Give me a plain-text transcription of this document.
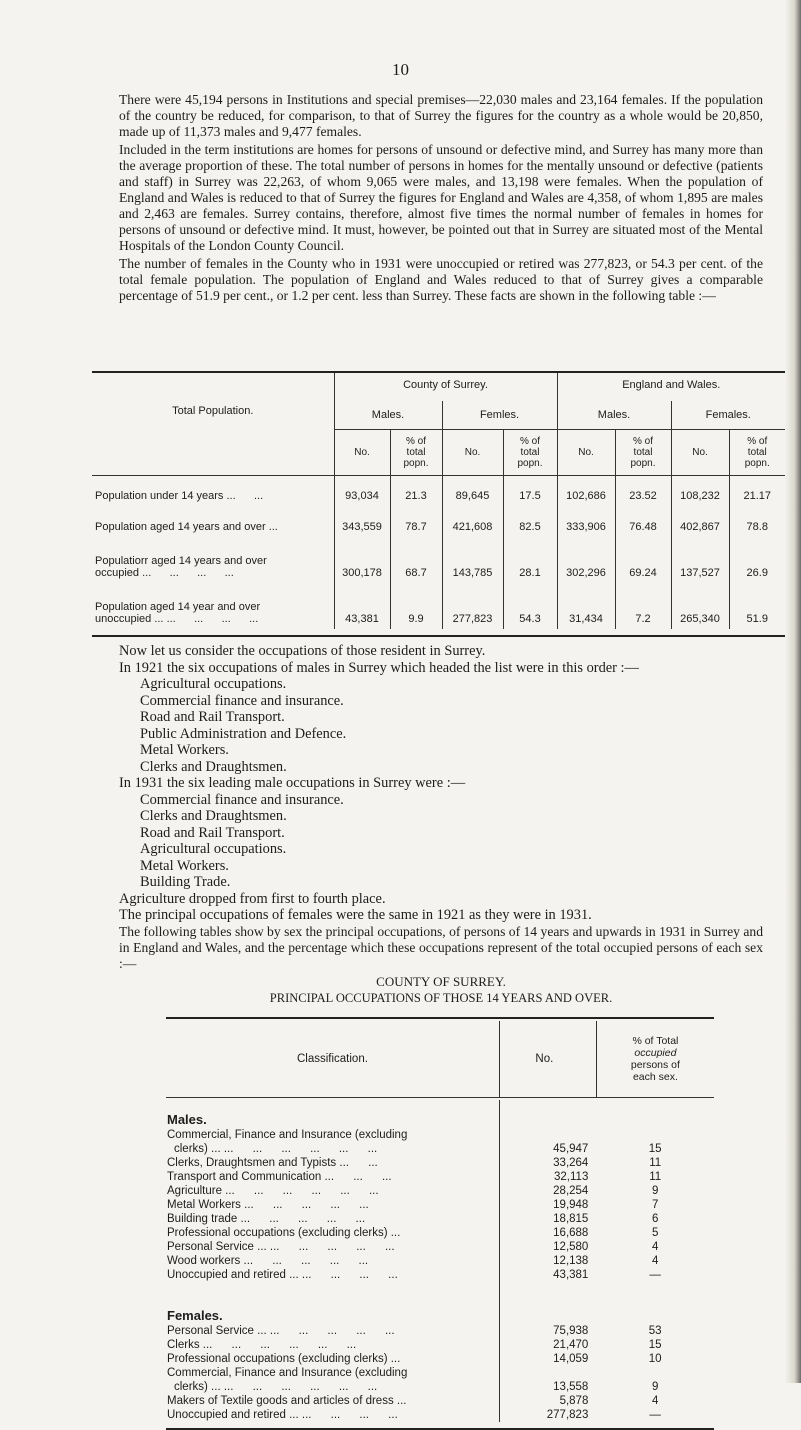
10

There were 45,194 persons in Institutions and special premises—22,030 males and 23,164 females. If the population of the country be reduced, for comparison, to that of Surrey the figures for the country as a whole would be 20,850, made up of 11,373 males and 9,477 females.

Included in the term institutions are homes for persons of unsound or defective mind, and Surrey has many more than the average proportion of these. The total number of persons in homes for the mentally unsound or defective (patients and staff) in Surrey was 22,263, of whom 9,065 were males, and 13,198 were females. When the population of England and Wales is reduced to that of Surrey the figures for England and Wales are 4,358, of whom 1,895 are males and 2,463 are females. Surrey contains, therefore, almost five times the normal number of females in homes for persons of unsound or defective mind. It must, however, be pointed out that in Surrey are situated most of the Mental Hospitals of the London County Council.

The number of females in the County who in 1931 were unoccupied or retired was 277,823, or 54.3 per cent. of the total female population. The population of England and Wales reduced to that of Surrey gives a comparable percentage of 51.9 per cent., or 1.2 per cent. less than Surrey. These facts are shown in the following table :—

Total Population.	County of Surrey.				England and Wales.			
	Males.		Femles.		Males.		Females.	
	No.	% of
total
popn.	No.	% of
total
popn.	No.	% of
total
popn.	No.	% of
total
popn.
Population under 14 years ...      ...	93,034	21.3	89,645	17.5	102,686	23.52	108,232	21.17
Population aged 14 years and over ...	343,559	78.7	421,608	82.5	333,906	76.48	402,867	78.8
Populatiorr aged 14 years and over
occupied ...      ...      ...      ...	300,178	68.7	143,785	28.1	302,296	69.24	137,527	26.9
Population aged 14 year and over
unoccupied ... ...      ...      ...      ...	43,381	9.9	277,823	54.3	31,434	7.2	265,340	51.9

Now let us consider the occupations of those resident in Surrey.
In 1921 the six occupations of males in Surrey which headed the list were in this order :—
Agricultural occupations.
Commercial finance and insurance.
Road and Rail Transport.
Public Administration and Defence.
Metal Workers.
Clerks and Draughtsmen.
In 1931 the six leading male occupations in Surrey were :—
Commercial finance and insurance.
Clerks and Draughtsmen.
Road and Rail Transport.
Agricultural occupations.
Metal Workers.
Building Trade.
Agriculture dropped from first to fourth place.
The principal occupations of females were the same in 1921 as they were in 1931.
The following tables show by sex the principal occupations, of persons of 14 years and upwards in 1931 in Surrey and in England and Wales, and the percentage which these occupations represent of the total occupied persons of each sex :—
COUNTY OF SURREY.
PRINCIPAL OCCUPATIONS OF THOSE 14 YEARS AND OVER.

Classification.	No.	% of Total
occupied
persons of
each sex.

Males.		
Commercial, Finance and Insurance (excluding		
clerks) ... ...      ...      ...      ...      ...      ...	45,947	15
Clerks, Draughtsmen and Typists ...      ...	33,264	11
Transport and Communication ...      ...      ...	32,113	11
Agriculture ...      ...      ...      ...      ...      ...	28,254	9
Metal Workers ...      ...      ...      ...      ...	19,948	7
Building trade ...      ...      ...      ...      ...	18,815	6
Professional occupations (excluding clerks) ...	16,688	5
Personal Service ... ...      ...      ...      ...      ...	12,580	4
Wood workers ...      ...      ...      ...      ...	12,138	4
Unoccupied and retired ... ...      ...      ...      ...	43,381	—

Females.		
Personal Service ... ...      ...      ...      ...      ...	75,938	53
Clerks ...      ...      ...      ...      ...      ...	21,470	15
Professional occupations (excluding clerks) ...	14,059	10
Commercial, Finance and Insurance (excluding		
clerks) ... ...      ...      ...      ...      ...      ...	13,558	9
Makers of Textile goods and articles of dress ...	5,878	4
Unoccupied and retired ... ...      ...      ...      ...	277,823	—
